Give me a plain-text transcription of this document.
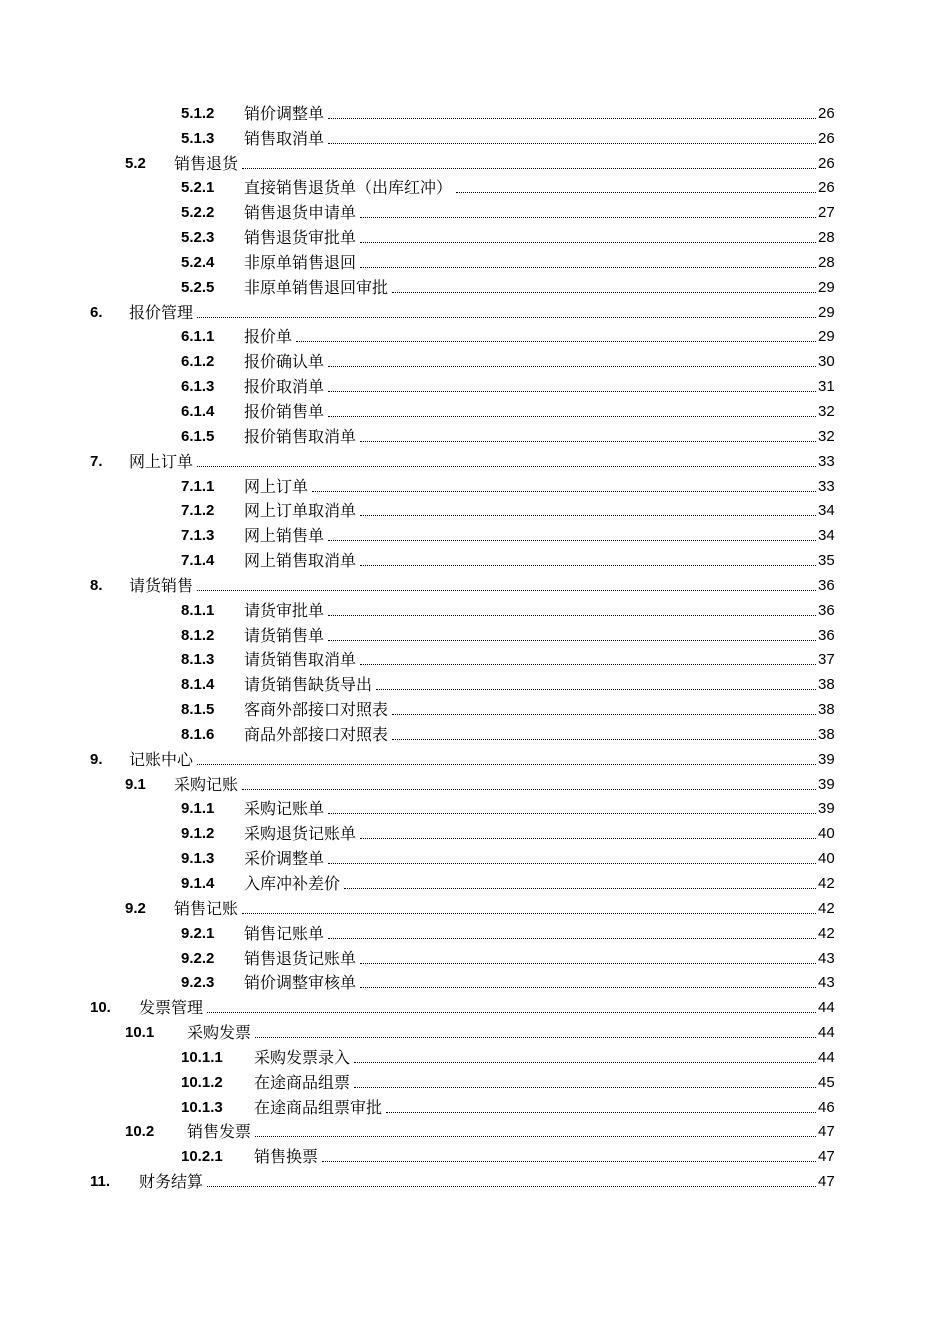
5.1.2 销价调整单	26
5.1.3 销售取消单	26
5.2 销售退货	26
5.2.1 直接销售退货单（出库红冲）	26
5.2.2 销售退货申请单	27
5.2.3 销售退货审批单	28
5.2.4 非原单销售退回	28
5.2.5 非原单销售退回审批	29
6. 报价管理	29
6.1.1 报价单	29
6.1.2 报价确认单	30
6.1.3 报价取消单	31
6.1.4 报价销售单	32
6.1.5 报价销售取消单	32
7. 网上订单	33
7.1.1 网上订单	33
7.1.2 网上订单取消单	34
7.1.3 网上销售单	34
7.1.4 网上销售取消单	35
8. 请货销售	36
8.1.1 请货审批单	36
8.1.2 请货销售单	36
8.1.3 请货销售取消单	37
8.1.4 请货销售缺货导出	38
8.1.5 客商外部接口对照表	38
8.1.6 商品外部接口对照表	38
9. 记账中心	39
9.1 采购记账	39
9.1.1 采购记账单	39
9.1.2 采购退货记账单	40
9.1.3 采价调整单	40
9.1.4 入库冲补差价	42
9.2 销售记账	42
9.2.1 销售记账单	42
9.2.2 销售退货记账单	43
9.2.3 销价调整审核单	43
10. 发票管理	44
10.1 采购发票	44
10.1.1 采购发票录入	44
10.1.2 在途商品组票	45
10.1.3 在途商品组票审批	46
10.2 销售发票	47
10.2.1 销售换票	47
11. 财务结算	47
